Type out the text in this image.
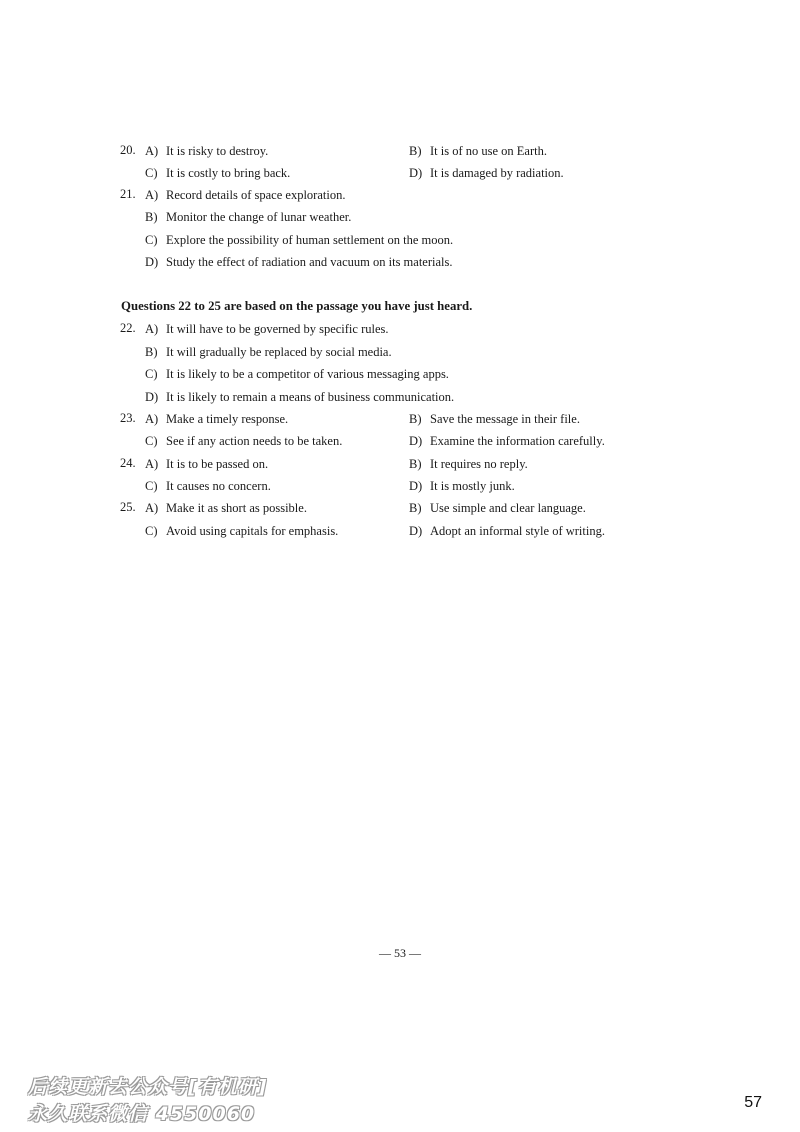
20. A) It is risky to destroy.	B) It is of no use on Earth.
C) It is costly to bring back.	D) It is damaged by radiation.
21. A) Record details of space exploration.
B) Monitor the change of lunar weather.
C) Explore the possibility of human settlement on the moon.
D) Study the effect of radiation and vacuum on its materials.
Questions 22 to 25 are based on the passage you have just heard.
22. A) It will have to be governed by specific rules.
B) It will gradually be replaced by social media.
C) It is likely to be a competitor of various messaging apps.
D) It is likely to remain a means of business communication.
23. A) Make a timely response.	B) Save the message in their file.
C) See if any action needs to be taken.	D) Examine the information carefully.
24. A) It is to be passed on.	B) It requires no reply.
C) It causes no concern.	D) It is mostly junk.
25. A) Make it as short as possible.	B) Use simple and clear language.
C) Avoid using capitals for emphasis.	D) Adopt an informal style of writing.
— 53 —
57
后续更新去公众号[有机研]
永久联系微信 4550060
